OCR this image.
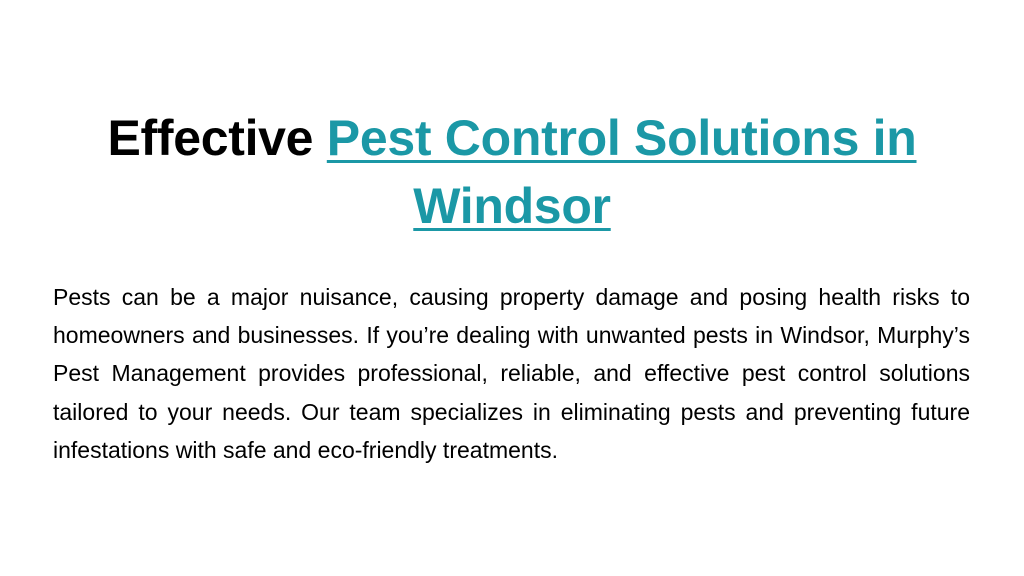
Effective Pest Control Solutions in Windsor

Pests can be a major nuisance, causing property damage and posing health risks to homeowners and businesses. If you’re dealing with unwanted pests in Windsor, Murphy’s Pest Management provides professional, reliable, and effective pest control solutions tailored to your needs. Our team specializes in eliminating pests and preventing future infestations with safe and eco-friendly treatments.
